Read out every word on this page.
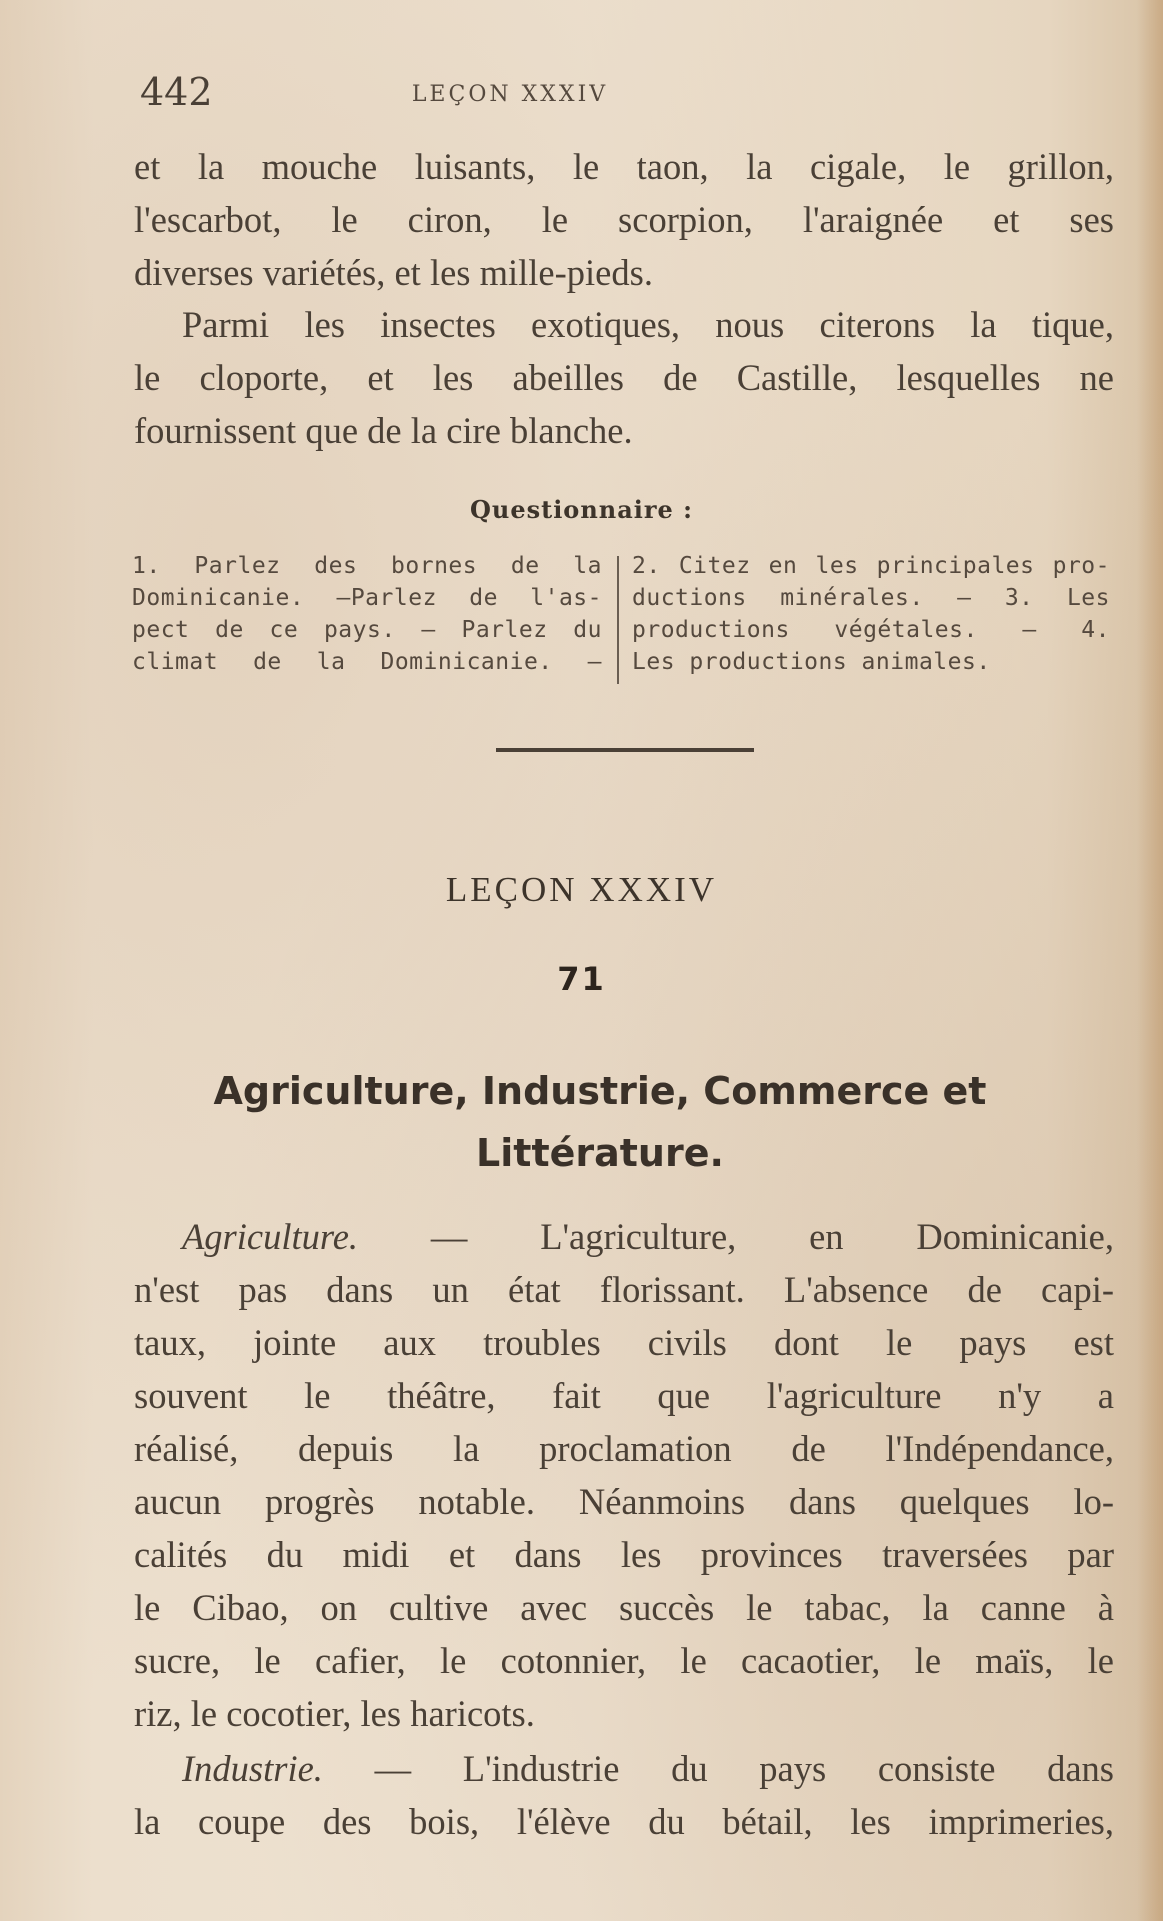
442	LEÇON XXXIV
et la mouche luisants, le taon, la cigale, le grillon,
l'escarbot, le ciron, le scorpion, l'araignée et ses
diverses variétés, et les mille-pieds.
Parmi les insectes exotiques, nous citerons la tique,
le cloporte, et les abeilles de Castille, lesquelles ne
fournissent que de la cire blanche.
Questionnaire :
1. Parlez des bornes de la
Dominicanie. —Parlez de l'as-
pect de ce pays. — Parlez du
climat de la Dominicanie. —
2. Citez en les principales pro-
ductions minérales. — 3. Les
productions végétales. — 4.
Les productions animales.
LEÇON XXXIV
71
Agriculture, Industrie, Commerce et
Littérature.
Agriculture. — L'agriculture, en Dominicanie,
n'est pas dans un état florissant. L'absence de capi-
taux, jointe aux troubles civils dont le pays est
souvent le théâtre, fait que l'agriculture n'y a
réalisé, depuis la proclamation de l'Indépendance,
aucun progrès notable. Néanmoins dans quelques lo-
calités du midi et dans les provinces traversées par
le Cibao, on cultive avec succès le tabac, la canne à
sucre, le cafier, le cotonnier, le cacaotier, le maïs, le
riz, le cocotier, les haricots.
Industrie. — L'industrie du pays consiste dans
la coupe des bois, l'élève du bétail, les imprimeries,
